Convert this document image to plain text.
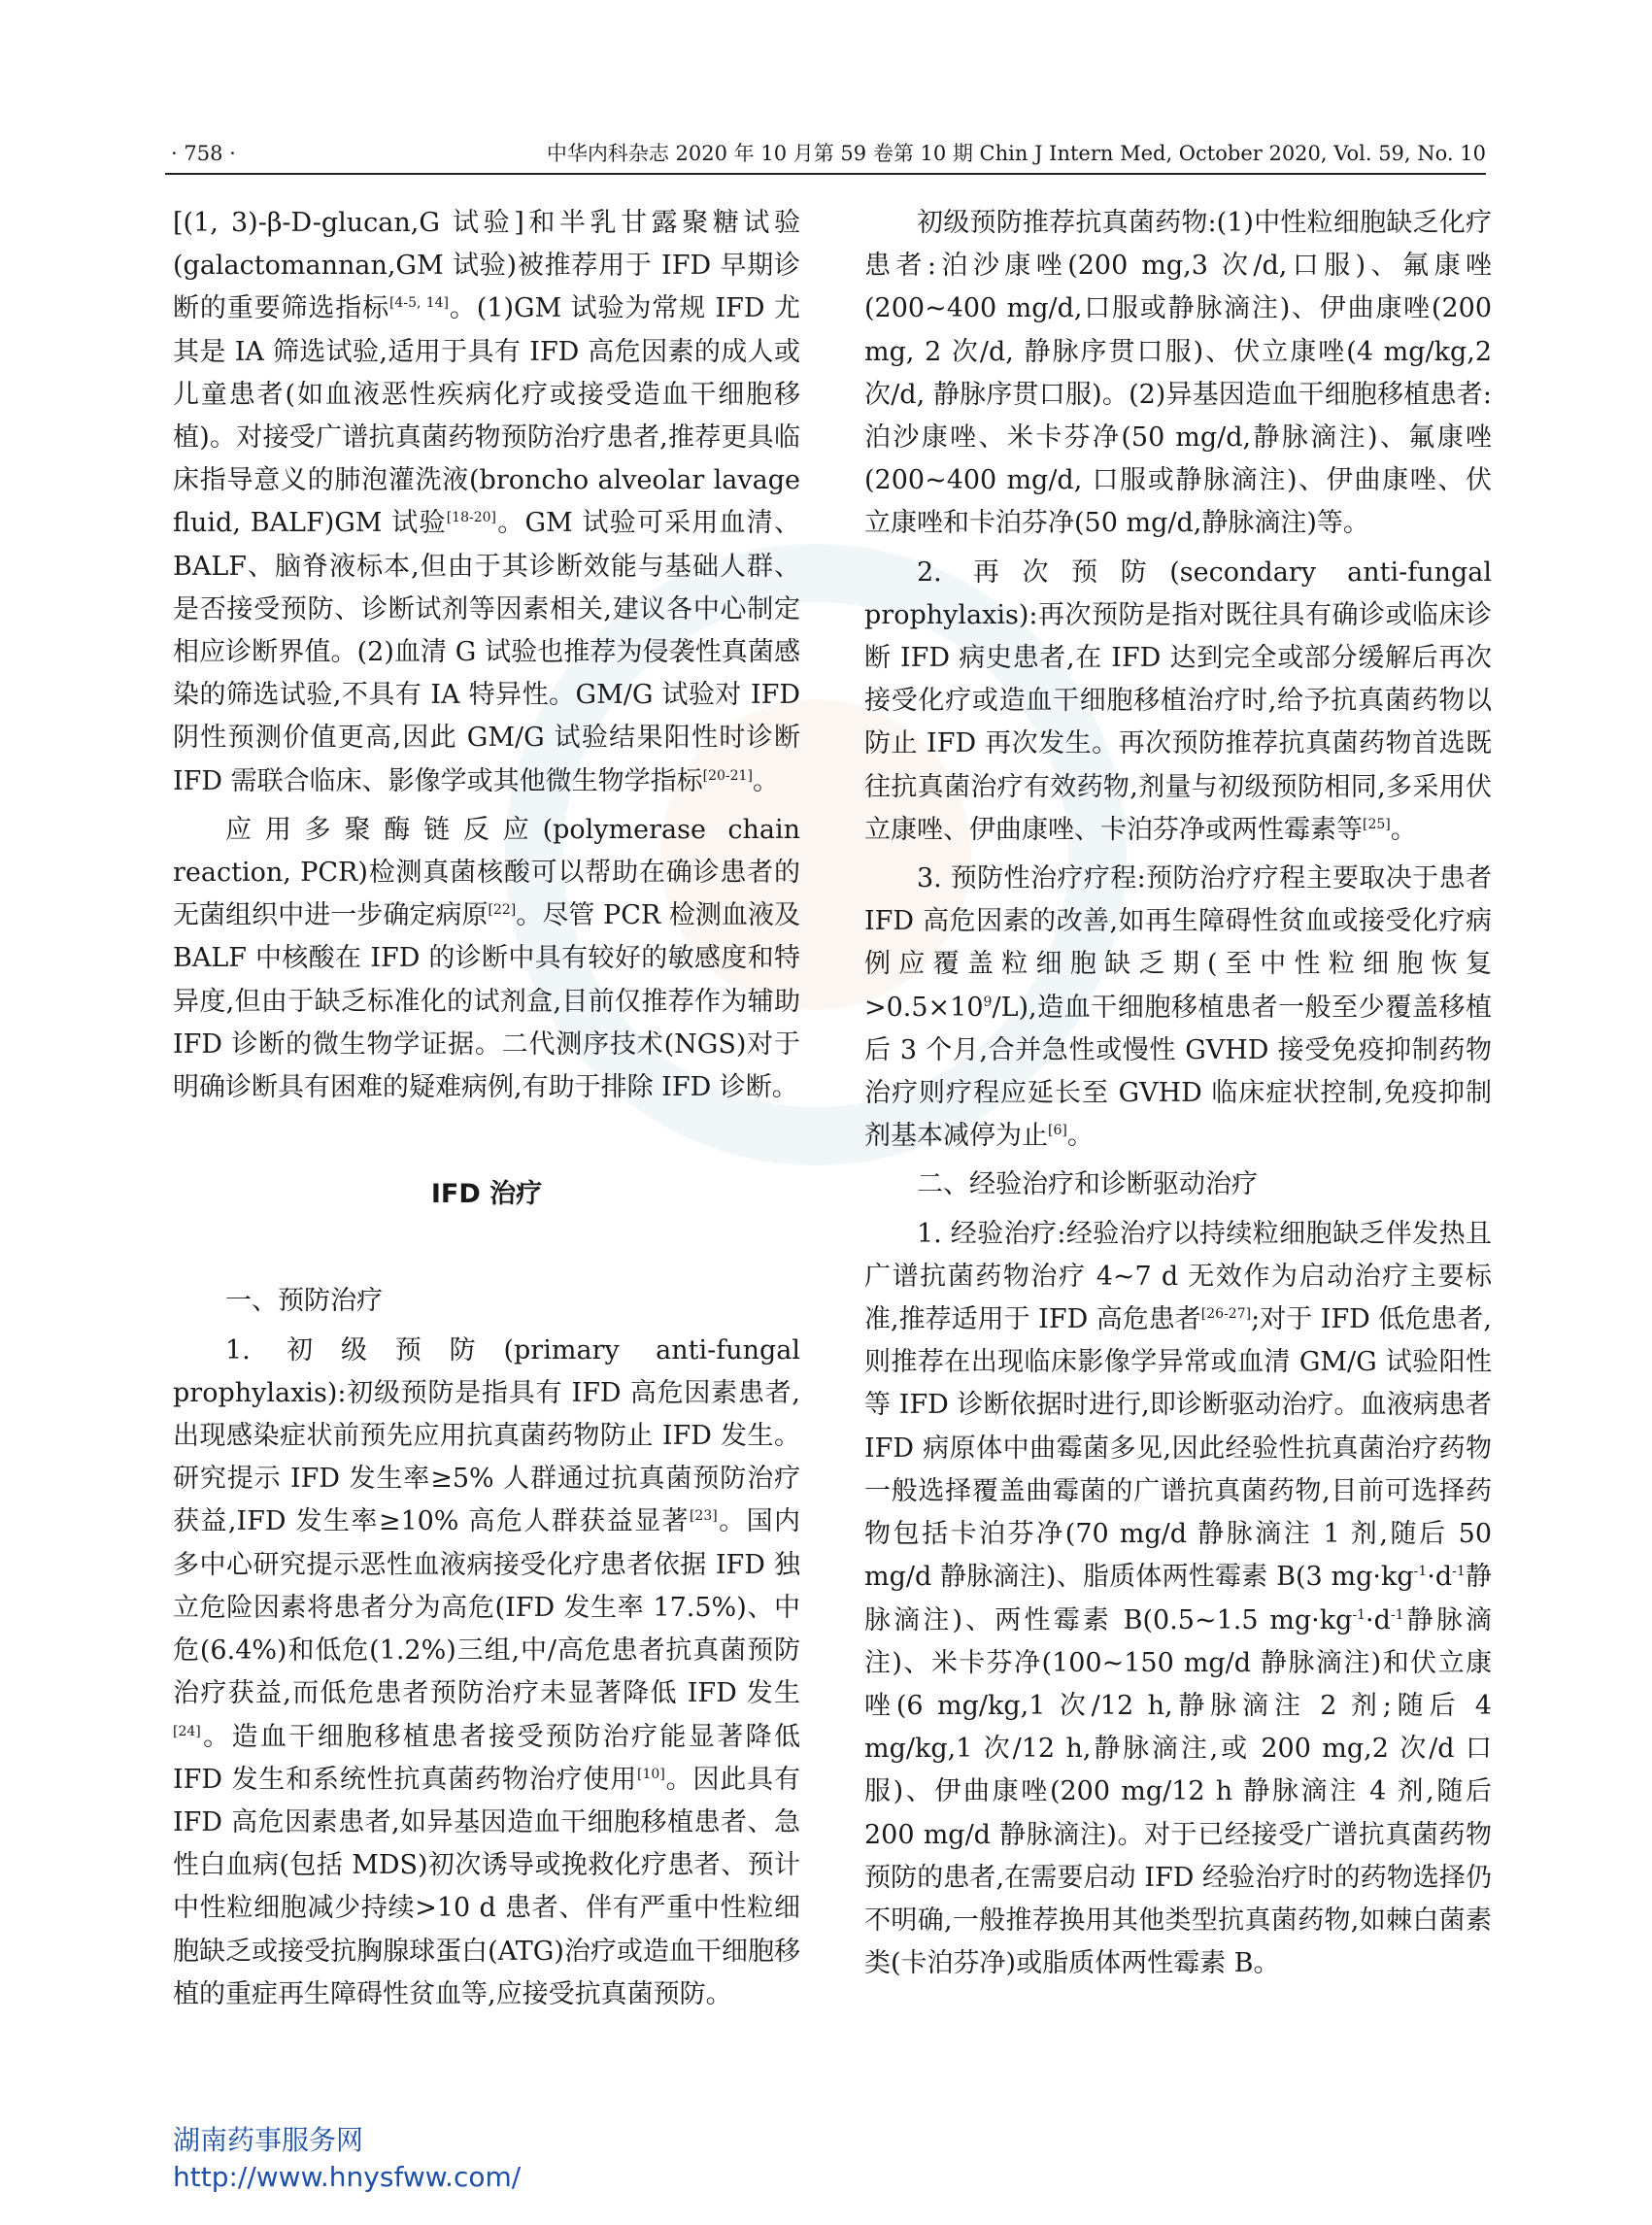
· 758 ·	中华内科杂志 2020 年 10 月第 59 卷第 10 期 Chin J Intern Med, October 2020, Vol. 59, No. 10

[(1, 3)-β-D-glucan,G 试验]和半乳甘露聚糖试验(galactomannan,GM 试验)被推荐用于 IFD 早期诊断的重要筛选指标[4-5, 14]。(1)GM 试验为常规 IFD 尤其是 IA 筛选试验,适用于具有 IFD 高危因素的成人或儿童患者(如血液恶性疾病化疗或接受造血干细胞移植)。对接受广谱抗真菌药物预防治疗患者,推荐更具临床指导意义的肺泡灌洗液(broncho alveolar lavage fluid, BALF)GM 试验[18-20]。GM 试验可采用血清、BALF、脑脊液标本,但由于其诊断效能与基础人群、是否接受预防、诊断试剂等因素相关,建议各中心制定相应诊断界值。(2)血清 G 试验也推荐为侵袭性真菌感染的筛选试验,不具有 IA 特异性。GM/G 试验对 IFD 阴性预测价值更高,因此 GM/G 试验结果阳性时诊断 IFD 需联合临床、影像学或其他微生物学指标[20-21]。

应用多聚酶链反应(polymerase chain reaction, PCR)检测真菌核酸可以帮助在确诊患者的无菌组织中进一步确定病原[22]。尽管 PCR 检测血液及 BALF 中核酸在 IFD 的诊断中具有较好的敏感度和特异度,但由于缺乏标准化的试剂盒,目前仅推荐作为辅助 IFD 诊断的微生物学证据。二代测序技术(NGS)对于明确诊断具有困难的疑难病例,有助于排除 IFD 诊断。

IFD 治疗

一、预防治疗

1. 初级预防(primary anti-fungal prophylaxis):初级预防是指具有 IFD 高危因素患者,出现感染症状前预先应用抗真菌药物防止 IFD 发生。研究提示 IFD 发生率≥5% 人群通过抗真菌预防治疗获益,IFD 发生率≥10% 高危人群获益显著[23]。国内多中心研究提示恶性血液病接受化疗患者依据 IFD 独立危险因素将患者分为高危(IFD 发生率 17.5%)、中危(6.4%)和低危(1.2%)三组,中/高危患者抗真菌预防治疗获益,而低危患者预防治疗未显著降低 IFD 发生[24]。造血干细胞移植患者接受预防治疗能显著降低 IFD 发生和系统性抗真菌药物治疗使用[10]。因此具有 IFD 高危因素患者,如异基因造血干细胞移植患者、急性白血病(包括 MDS)初次诱导或挽救化疗患者、预计中性粒细胞减少持续>10 d 患者、伴有严重中性粒细胞缺乏或接受抗胸腺球蛋白(ATG)治疗或造血干细胞移植的重症再生障碍性贫血等,应接受抗真菌预防。

初级预防推荐抗真菌药物:(1)中性粒细胞缺乏化疗患者:泊沙康唑(200 mg,3 次/d,口服)、氟康唑(200~400 mg/d,口服或静脉滴注)、伊曲康唑(200 mg, 2 次/d, 静脉序贯口服)、伏立康唑(4 mg/kg,2 次/d, 静脉序贯口服)。(2)异基因造血干细胞移植患者:泊沙康唑、米卡芬净(50 mg/d,静脉滴注)、氟康唑(200~400 mg/d, 口服或静脉滴注)、伊曲康唑、伏立康唑和卡泊芬净(50 mg/d,静脉滴注)等。

2. 再次预防(secondary anti-fungal prophylaxis):再次预防是指对既往具有确诊或临床诊断 IFD 病史患者,在 IFD 达到完全或部分缓解后再次接受化疗或造血干细胞移植治疗时,给予抗真菌药物以防止 IFD 再次发生。再次预防推荐抗真菌药物首选既往抗真菌治疗有效药物,剂量与初级预防相同,多采用伏立康唑、伊曲康唑、卡泊芬净或两性霉素等[25]。

3. 预防性治疗疗程:预防治疗疗程主要取决于患者 IFD 高危因素的改善,如再生障碍性贫血或接受化疗病例应覆盖粒细胞缺乏期(至中性粒细胞恢复$>0.5\times 10^9/L$),造血干细胞移植患者一般至少覆盖移植后 3 个月,合并急性或慢性 GVHD 接受免疫抑制药物治疗则疗程应延长至 GVHD 临床症状控制,免疫抑制剂基本减停为止[6]。

二、经验治疗和诊断驱动治疗

1. 经验治疗:经验治疗以持续粒细胞缺乏伴发热且广谱抗菌药物治疗 4~7 d 无效作为启动治疗主要标准,推荐适用于 IFD 高危患者[26-27];对于 IFD 低危患者,则推荐在出现临床影像学异常或血清 GM/G 试验阳性等 IFD 诊断依据时进行,即诊断驱动治疗。血液病患者 IFD 病原体中曲霉菌多见,因此经验性抗真菌治疗药物一般选择覆盖曲霉菌的广谱抗真菌药物,目前可选择药物包括卡泊芬净(70 mg/d 静脉滴注 1 剂,随后 50 mg/d 静脉滴注)、脂质体两性霉素 B(3 $mg\cdot kg^{-1}\cdot d^{-1}$静脉滴注)、两性霉素 B(0.5~1.5 $mg\cdot kg^{-1}\cdot d^{-1}$静脉滴注)、米卡芬净(100~150 mg/d 静脉滴注)和伏立康唑(6 mg/kg,1 次/12 h,静脉滴注 2 剂;随后 4 mg/kg,1 次/12 h,静脉滴注,或 200 mg,2 次/d 口服)、伊曲康唑(200 mg/12 h 静脉滴注 4 剂,随后 200 mg/d 静脉滴注)。对于已经接受广谱抗真菌药物预防的患者,在需要启动 IFD 经验治疗时的药物选择仍不明确,一般推荐换用其他类型抗真菌药物,如棘白菌素类(卡泊芬净)或脂质体两性霉素 B。

湖南药事服务网
http://www.hnysfww.com/
